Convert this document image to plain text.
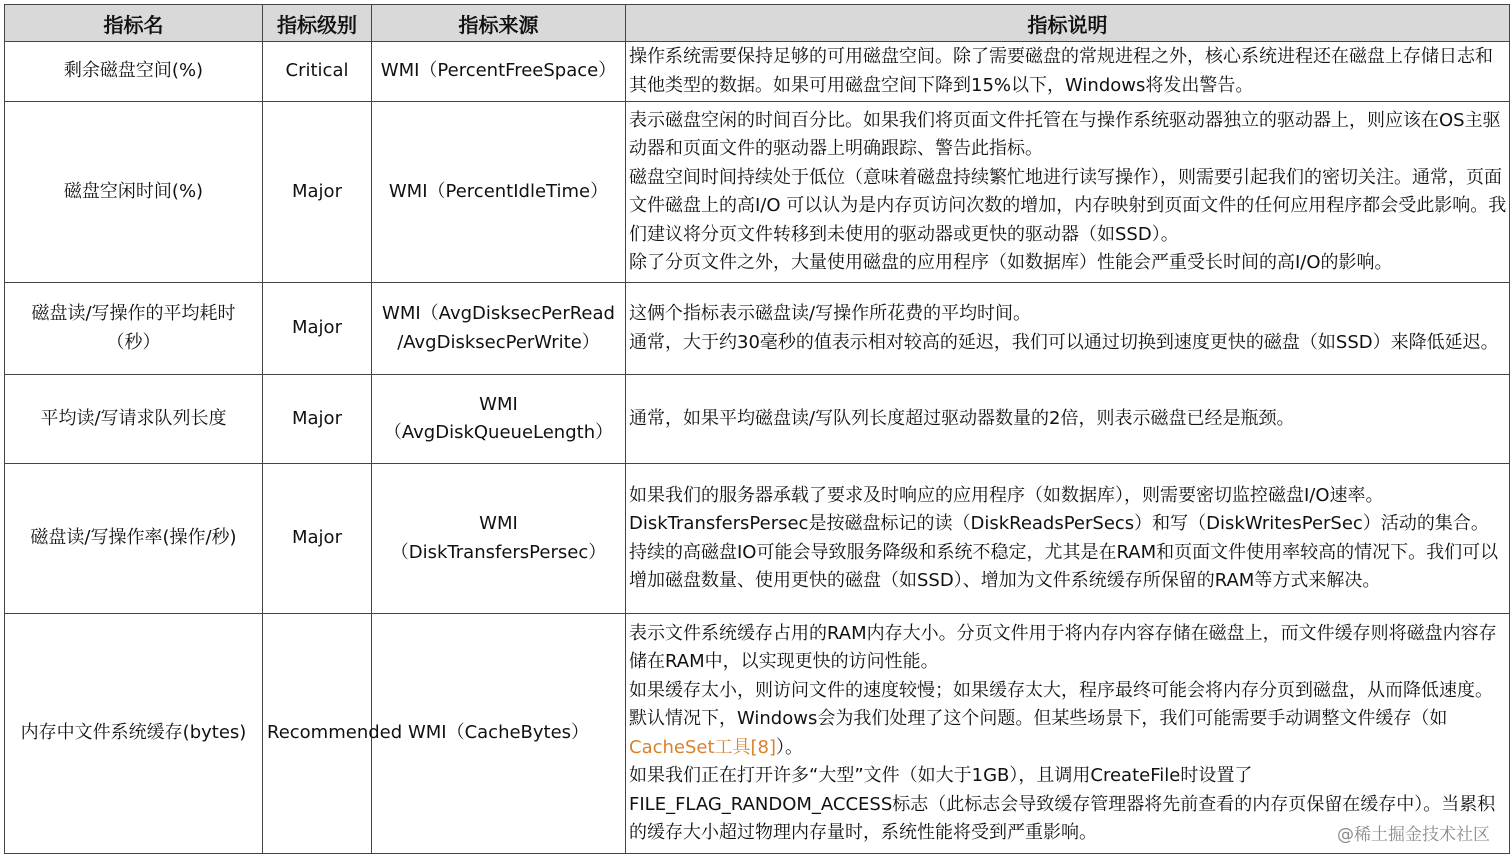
指标名	指标级别	指标来源	指标说明
剩余磁盘空间(%)	Critical	WMI（PercentFreeSpace）	操作系统需要保持足够的可用磁盘空间。除了需要磁盘的常规进程之外，核心系统进程还在磁盘上存储日志和其他类型的数据。如果可用磁盘空间下降到15%以下，Windows将发出警告。

磁盘空闲时间(%)	Major	WMI（PercentIdleTime）	表示磁盘空闲的时间百分比。如果我们将页面文件托管在与操作系统驱动器独立的驱动器上，则应该在OS主驱动器和页面文件的驱动器上明确跟踪、警告此指标。
磁盘空间时间持续处于低位（意味着磁盘持续繁忙地进行读写操作），则需要引起我们的密切关注。通常，页面文件磁盘上的高I/O 可以认为是内存页访问次数的增加，内存映射到页面文件的任何应用程序都会受此影响。我们建议将分页文件转移到未使用的驱动器或更快的驱动器（如SSD）。
除了分页文件之外，大量使用磁盘的应用程序（如数据库）性能会严重受长时间的高I/O的影响。

磁盘读/写操作的平均耗时（秒）	Major	WMI（AvgDisksecPerRead /AvgDisksecPerWrite）	这俩个指标表示磁盘读/写操作所花费的平均时间。
通常，大于约30毫秒的值表示相对较高的延迟，我们可以通过切换到速度更快的磁盘（如SSD）来降低延迟。

平均读/写请求队列长度	Major	WMI（AvgDiskQueueLength）	通常，如果平均磁盘读/写队列长度超过驱动器数量的2倍，则表示磁盘已经是瓶颈。

磁盘读/写操作率(操作/秒)	Major	WMI（DiskTransfersPersec）	如果我们的服务器承载了要求及时响应的应用程序（如数据库），则需要密切监控磁盘I/O速率。
DiskTransfersPersec是按磁盘标记的读（DiskReadsPerSecs）和写（DiskWritesPerSec）活动的集合。
持续的高磁盘IO可能会导致服务降级和系统不稳定，尤其是在RAM和页面文件使用率较高的情况下。我们可以增加磁盘数量、使用更快的磁盘（如SSD）、增加为文件系统缓存所保留的RAM等方式来解决。

内存中文件系统缓存(bytes)	Recommended	WMI（CacheBytes）	表示文件系统缓存占用的RAM内存大小。分页文件用于将内存内容存储在磁盘上，而文件缓存则将磁盘内容存储在RAM中，以实现更快的访问性能。
如果缓存太小，则访问文件的速度较慢；如果缓存太大，程序最终可能会将内存分页到磁盘，从而降低速度。默认情况下，Windows会为我们处理了这个问题。但某些场景下，我们可能需要手动调整文件缓存（如CacheSet工具[8]）。
如果我们正在打开许多“大型”文件（如大于1GB），且调用CreateFile时设置了FILE_FLAG_RANDOM_ACCESS标志（此标志会导致缓存管理器将先前查看的内存页保留在缓存中）。当累积的缓存大小超过物理内存量时，系统性能将受到严重影响。	@稀土掘金技术社区
